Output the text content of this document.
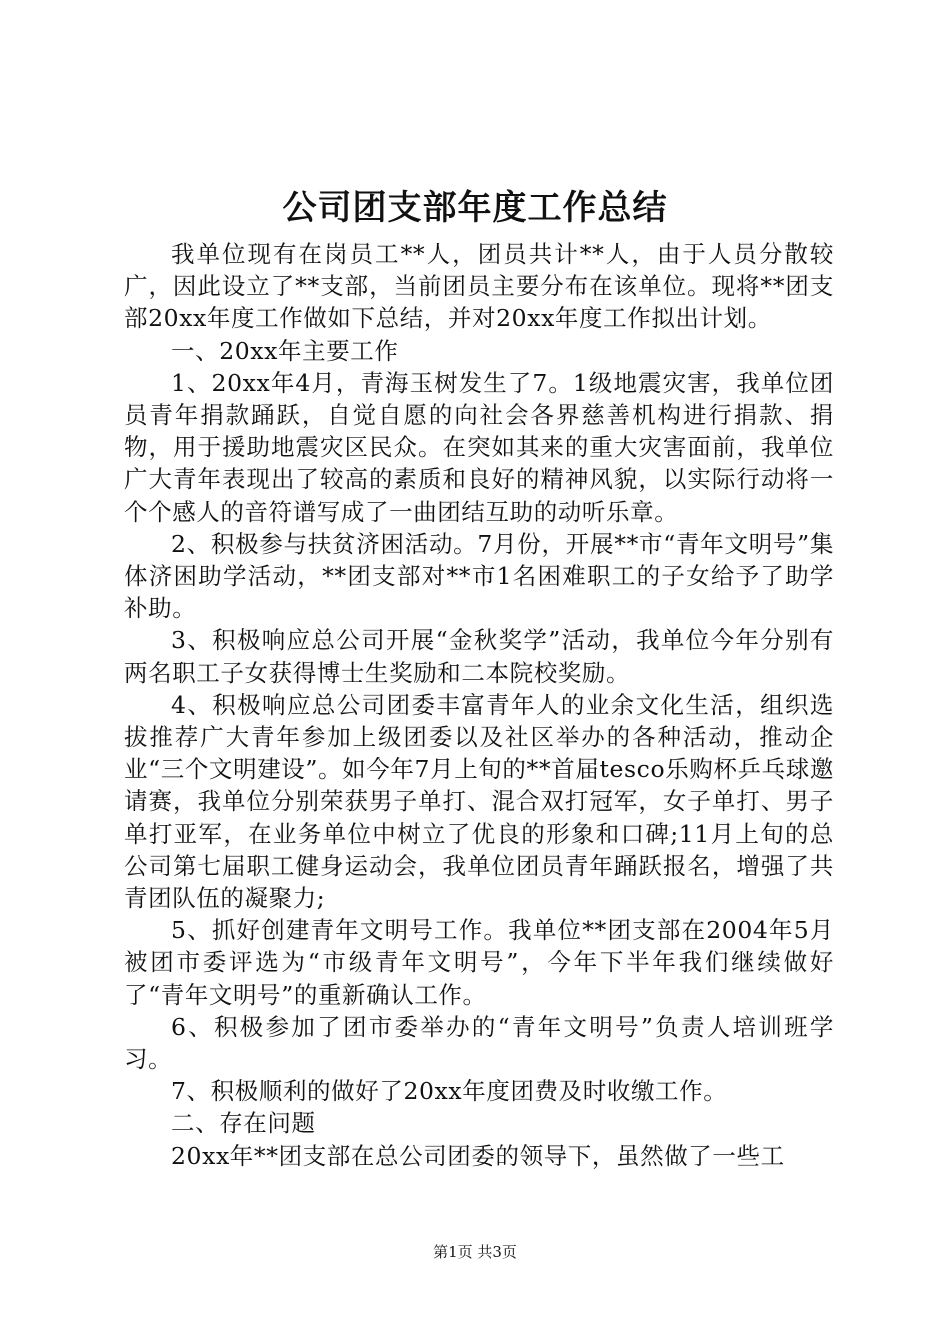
公司团支部年度工作总结

我单位现有在岗员工**人，团员共计**人，由于人员分散较广，因此设立了**支部，当前团员主要分布在该单位。现将**团支部20xx年度工作做如下总结，并对20xx年度工作拟出计划。

一、20xx年主要工作

1、20xx年4月，青海玉树发生了7。1级地震灾害，我单位团员青年捐款踊跃，自觉自愿的向社会各界慈善机构进行捐款、捐物，用于援助地震灾区民众。在突如其来的重大灾害面前，我单位广大青年表现出了较高的素质和良好的精神风貌，以实际行动将一个个感人的音符谱写成了一曲团结互助的动听乐章。

2、积极参与扶贫济困活动。7月份，开展**市“青年文明号”集体济困助学活动，**团支部对**市1名困难职工的子女给予了助学补助。

3、积极响应总公司开展“金秋奖学”活动，我单位今年分别有两名职工子女获得博士生奖励和二本院校奖励。

4、积极响应总公司团委丰富青年人的业余文化生活，组织选拔推荐广大青年参加上级团委以及社区举办的各种活动，推动企业“三个文明建设”。如今年7月上旬的**首届tesco乐购杯乒乓球邀请赛，我单位分别荣获男子单打、混合双打冠军，女子单打、男子单打亚军，在业务单位中树立了优良的形象和口碑;11月上旬的总公司第七届职工健身运动会，我单位团员青年踊跃报名，增强了共青团队伍的凝聚力;

5、抓好创建青年文明号工作。我单位**团支部在2004年5月被团市委评选为“市级青年文明号”，今年下半年我们继续做好了“青年文明号”的重新确认工作。

6、积极参加了团市委举办的“青年文明号”负责人培训班学习。

7、积极顺利的做好了20xx年度团费及时收缴工作。

二、存在问题

20xx年**团支部在总公司团委的领导下，虽然做了一些工

第1页 共3页
